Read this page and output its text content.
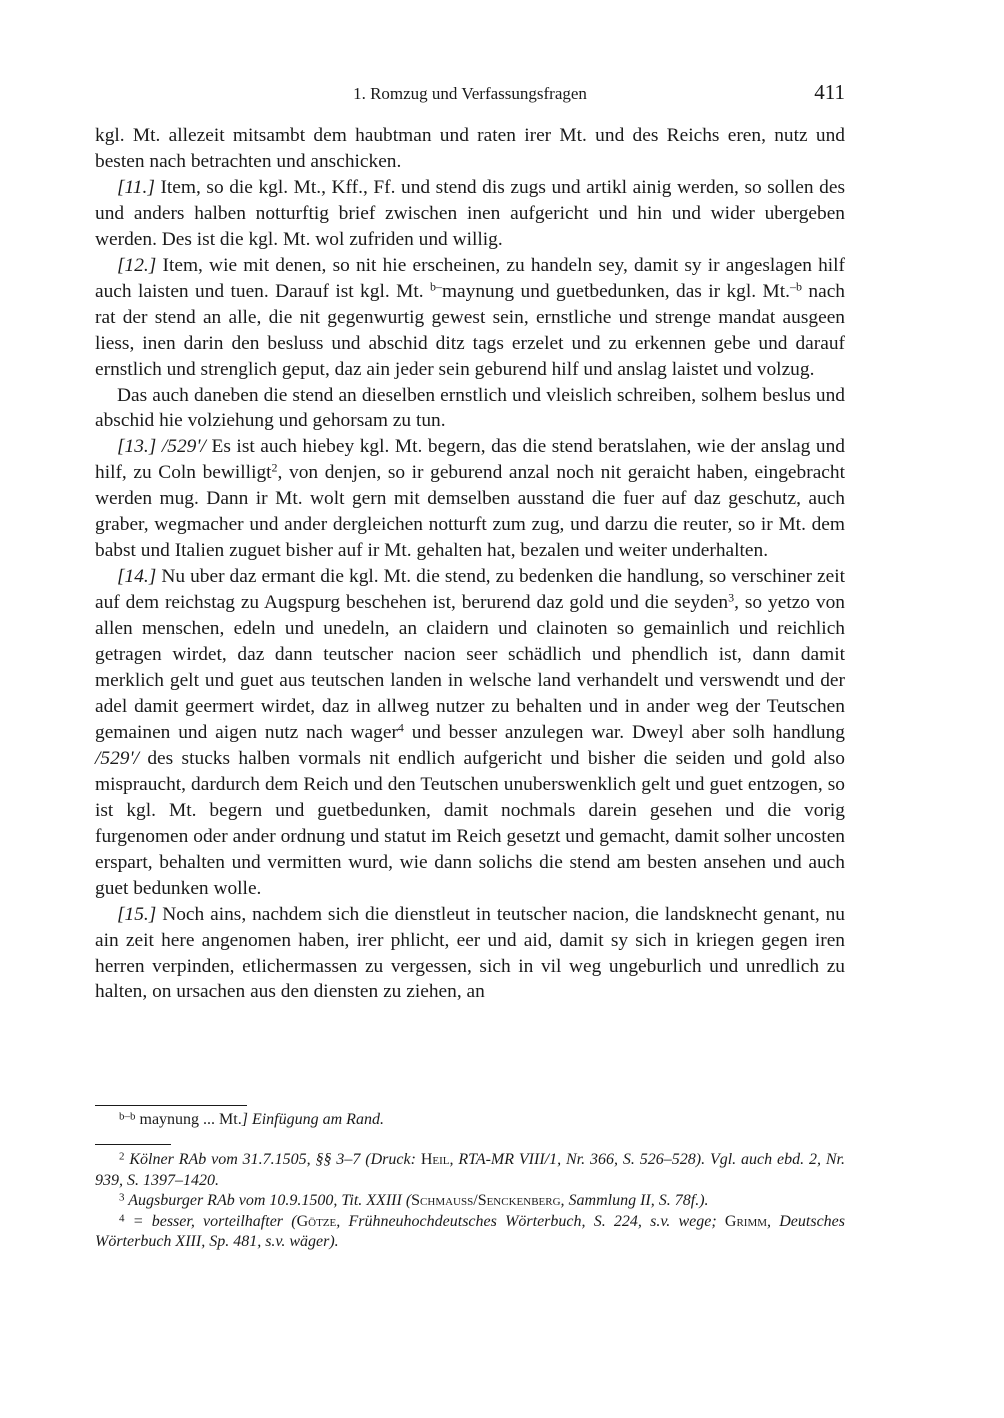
1. Romzug und Verfassungsfragen	411

kgl. Mt. allezeit mitsambt dem haubtman und raten irer Mt. und des Reichs eren, nutz und besten nach betrachten und anschicken.

[11.] Item, so die kgl. Mt., Kff., Ff. und stend dis zugs und artikl ainig werden, so sollen des und anders halben notturftig brief zwischen inen aufgericht und hin und wider ubergeben werden. Des ist die kgl. Mt. wol zufriden und willig.

[12.] Item, wie mit denen, so nit hie erscheinen, zu handeln sey, damit sy ir angeslagen hilf auch laisten und tuen. Darauf ist kgl. Mt. $^{b-}$maynung und guetbedunken, das ir kgl. Mt.$^{-b}$ nach rat der stend an alle, die nit gegenwurtig gewest sein, ernstliche und strenge mandat ausgeen liess, inen darin den besluss und abschid ditz tags erzelet und zu erkennen gebe und darauf ernstlich und strenglich geput, daz ain jeder sein geburend hilf und anslag laistet und volzug.

Das auch daneben die stend an dieselben ernstlich und vleislich schreiben, solhem beslus und abschid hie volziehung und gehorsam zu tun.

[13.] /529'/ Es ist auch hiebey kgl. Mt. begern, das die stend beratslahen, wie der anslag und hilf, zu Coln bewilligt$^2$, von denjen, so ir geburend anzal noch nit geraicht haben, eingebracht werden mug. Dann ir Mt. wolt gern mit demselben ausstand die fuer auf daz geschutz, auch graber, wegmacher und ander dergleichen notturft zum zug, und darzu die reuter, so ir Mt. dem babst und Italien zuguet bisher auf ir Mt. gehalten hat, bezalen und weiter underhalten.

[14.] Nu uber daz ermant die kgl. Mt. die stend, zu bedenken die handlung, so verschiner zeit auf dem reichstag zu Augspurg beschehen ist, berurend daz gold und die seyden$^3$, so yetzo von allen menschen, edeln und unedeln, an claidern und clainoten so gemainlich und reichlich getragen wirdet, daz dann teutscher nacion seer schädlich und phendlich ist, dann damit merklich gelt und guet aus teutschen landen in welsche land verhandelt und verswendt und der adel damit geermert wirdet, daz in allweg nutzer zu behalten und in ander weg der Teutschen gemainen und aigen nutz nach wager$^4$ und besser anzulegen war. Dweyl aber solh handlung /529'/ des stucks halben vormals nit endlich aufgericht und bisher die seiden und gold also mispraucht, dardurch dem Reich und den Teutschen unuberswenklich gelt und guet entzogen, so ist kgl. Mt. begern und guetbedunken, damit nochmals darein gesehen und die vorig furgenomen oder ander ordnung und statut im Reich gesetzt und gemacht, damit solher uncosten erspart, behalten und vermitten wurd, wie dann solichs die stend am besten ansehen und auch guet bedunken wolle.

[15.] Noch ains, nachdem sich die dienstleut in teutscher nacion, die landsknecht genant, nu ain zeit here angenomen haben, irer phlicht, eer und aid, damit sy sich in kriegen gegen iren herren verpinden, etlichermassen zu vergessen, sich in vil weg ungeburlich und unredlich zu halten, on ursachen aus den diensten zu ziehen, an

$^{b-b}$ maynung ... Mt.] Einfügung am Rand.

$^2$ Kölner RAb vom 31.7.1505, §§ 3–7 (Druck: Heil, RTA-MR VIII/1, Nr. 366, S. 526–528). Vgl. auch ebd. 2, Nr. 939, S. 1397–1420.

$^3$ Augsburger RAb vom 10.9.1500, Tit. XXIII (Schmauss/Senckenberg, Sammlung II, S. 78f.).

$^4$ = besser, vorteilhafter (Götze, Frühneuhochdeutsches Wörterbuch, S. 224, s.v. wege; Grimm, Deutsches Wörterbuch XIII, Sp. 481, s.v. wäger).
